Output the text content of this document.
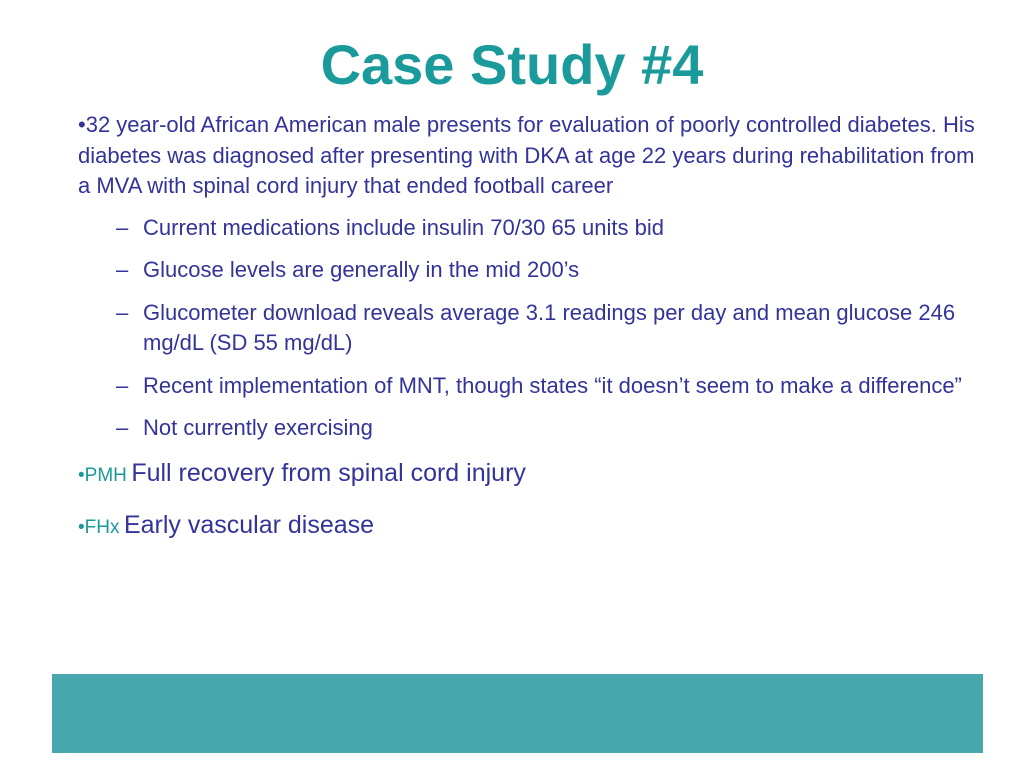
Case Study #4

•32 year-old African American male presents for evaluation of poorly controlled diabetes. His diabetes was diagnosed after presenting with DKA at age 22 years during rehabilitation from a MVA with spinal cord injury that ended football career

– Current medications include insulin 70/30 65 units bid
– Glucose levels are generally in the mid 200’s
– Glucometer download reveals average 3.1 readings per day and mean glucose 246 mg/dL (SD 55 mg/dL)
– Recent implementation of MNT, though states “it doesn’t seem to make a difference”
– Not currently exercising

•PMH Full recovery from spinal cord injury

•FHx Early vascular disease
